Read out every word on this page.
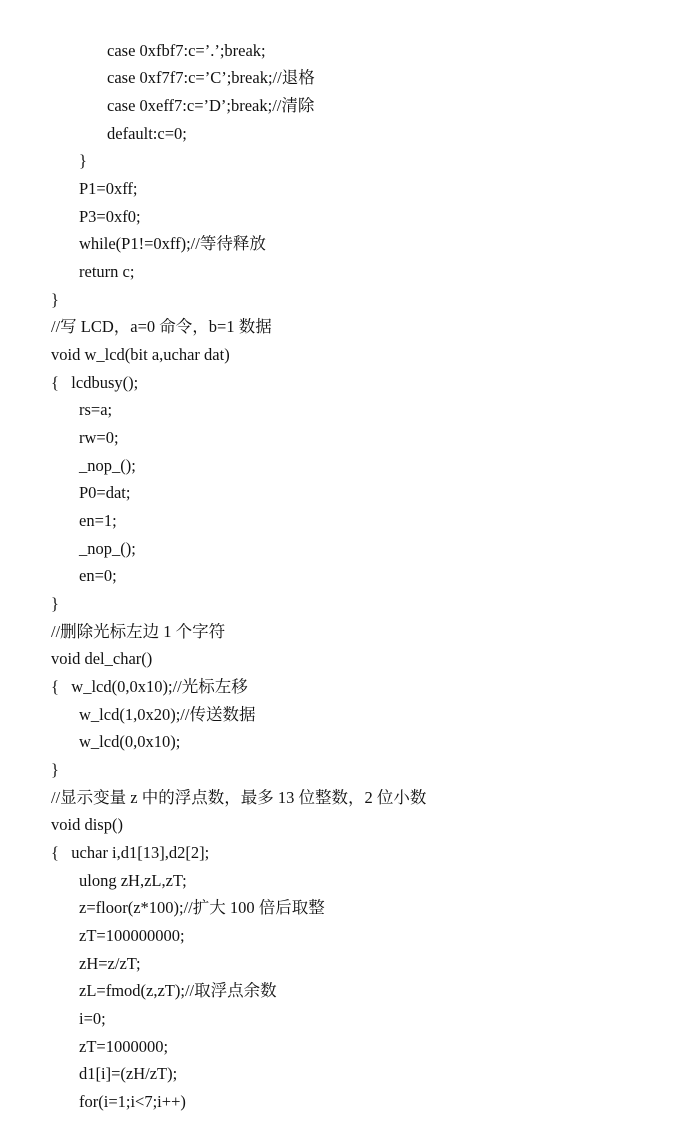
case 0xfbf7:c=’.’;break;
case 0xf7f7:c=’C’;break;//退格
case 0xeff7:c=’D’;break;//清除
default:c=0;
}
P1=0xff;
P3=0xf0;
while(P1!=0xff);//等待释放
return c;
}
//写 LCD，a=0 命令，b=1 数据
void w_lcd(bit a,uchar dat)
{   lcdbusy();
rs=a;
rw=0;
_nop_();
P0=dat;
en=1;
_nop_();
en=0;
}
//删除光标左边 1 个字符
void del_char()
{   w_lcd(0,0x10);//光标左移
w_lcd(1,0x20);//传送数据
w_lcd(0,0x10);
}
//显示变量 z 中的浮点数，最多 13 位整数，2 位小数
void disp()
{   uchar i,d1[13],d2[2];
ulong zH,zL,zT;
z=floor(z*100);//扩大 100 倍后取整
zT=100000000;
zH=z/zT;
zL=fmod(z,zT);//取浮点余数
i=0;
zT=1000000;
d1[i]=(zH/zT);
for(i=1;i<7;i++)
